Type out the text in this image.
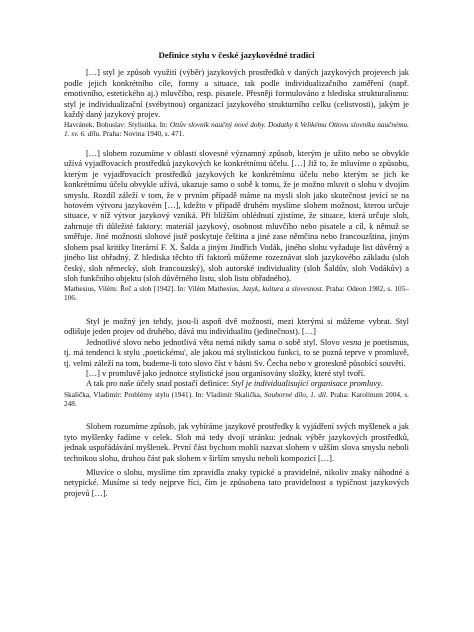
Definice stylu v české jazykovědné tradici

[…] styl je způsob využití (výběr) jazykových prostředků v daných jazykových projevech jak podle jejich konkrétního cíle, formy a situace, tak podle individualizačního zaměření (např. emotivního, estetického aj.) mluvčího, resp. pisatele. Přesněji formulováno z hlediska strukturalismu: styl je individualizační (svébytnou) organizací jazykového strukturního celku (celistvosti), jakým je každý daný jazykový projev.

Havránek, Bohuslav: Stylistika. In: Ottův slovník naučný nové doby. Dodatky k Velikému Ottovu slovníku naučnému. 1. sv. 6. dílu. Praha: Novina 1940, s. 471.

[…] slohem rozumíme v oblasti slovesné významný způsob, kterým je užito nebo se obvykle užívá vyjadřovacích prostředků jazykových ke konkrétnímu účelu. […] Již to, že mluvíme o způsobu, kterým je vyjadřovacích prostředků jazykových ke konkrétnímu účelu nebo kterým se jich ke konkrétnímu účelu obvykle užívá, ukazuje samo o sobě k tomu, že je možno mluvit o slohu v dvojím smyslu. Rozdíl záleží v tom, že v prvním případě máme na mysli sloh jako skutečnost jevící se na hotovém výtvoru jazykovém […], kdežto v případě druhém myslíme slohem možnost, kterou určuje situace, v níž výtvor jazykový vzniká. Při bližším ohlédnutí zjistíme, že situace, která určuje sloh, zahrnuje tři důležité faktory: materiál jazykový, osobnost mluvčího nebo pisatele a cíl, k němuž se směřuje. Jiné možnosti slohové jistě poskytuje čeština a jiné zase němčina nebo francouzština, jiným slohem psal kritiky literární F. X. Šalda a jiným Jindřich Vodák, jiného slohu vyžaduje list důvěrný a jiného list obřadný. Z hlediska těchto tří faktorů můžeme rozeznávat sloh jazykového základu (sloh český, sloh německý, sloh francouzský), sloh autorské individuality (sloh Šaldův, sloh Vodákův) a sloh funkčního objektu (sloh důvěrného listu, sloh listu obřadného).

Mathesius, Vilém: Řeč a sloh [1942]. In: Vilém Mathesius, Jazyk, kultura a slovesnost. Praha: Odeon 1982, s. 105–106.

Styl je možný jen tehdy, jsou-li aspoň dvě možnosti, mezi kterými si můžeme vybrat. Styl odlišuje jeden projev od druhého, dává mu individualitu (jedinečnost). […]

Jednotlivé slovo nebo jednotlivá věta nemá nikdy sama o sobě styl. Slovo vesna je poetismus, tj. má tendenci k stylu ‚poetickému', ale jakou má stylistickou funkci, to se pozná teprve v promluvě, tj. velmi záleží na tom, budeme-li toto slovo číst v básni Sv. Čecha nebo v groteskně působící souvětí.

[…] v promluvě jako jednotce stylistické jsou organisovány složky, které styl tvoří.

A tak pro naše účely snad postačí definice: Styl je individualisující organisace promluvy.

Skalička, Vladimír: Problémy stylu (1941). In: Vladimír Skalička, Souborné dílo, 1. díl. Praha: Karolinum 2004, s. 248.

Slohem rozumíme způsob, jak vybíráme jazykové prostředky k vyjádření svých myšlenek a jak tyto myšlenky řadíme v celek. Sloh má tedy dvojí stránku: jednak výběr jazykových prostředků, jednak uspořádávání myšlenek. První část bychom mohli nazvat slohem v užším slova smyslu neboli technikou slohu, druhou část pak slohem v širším smyslu neboli kompozicí […].

Mluvíce o slohu, myslíme tím zpravidla znaky typické a pravidelné, nikoliv znaky náhodné a netypické. Musíme si tedy nejprve říci, čím je způsobena tato pravidelnost a typičnost jazykových projevů […].
